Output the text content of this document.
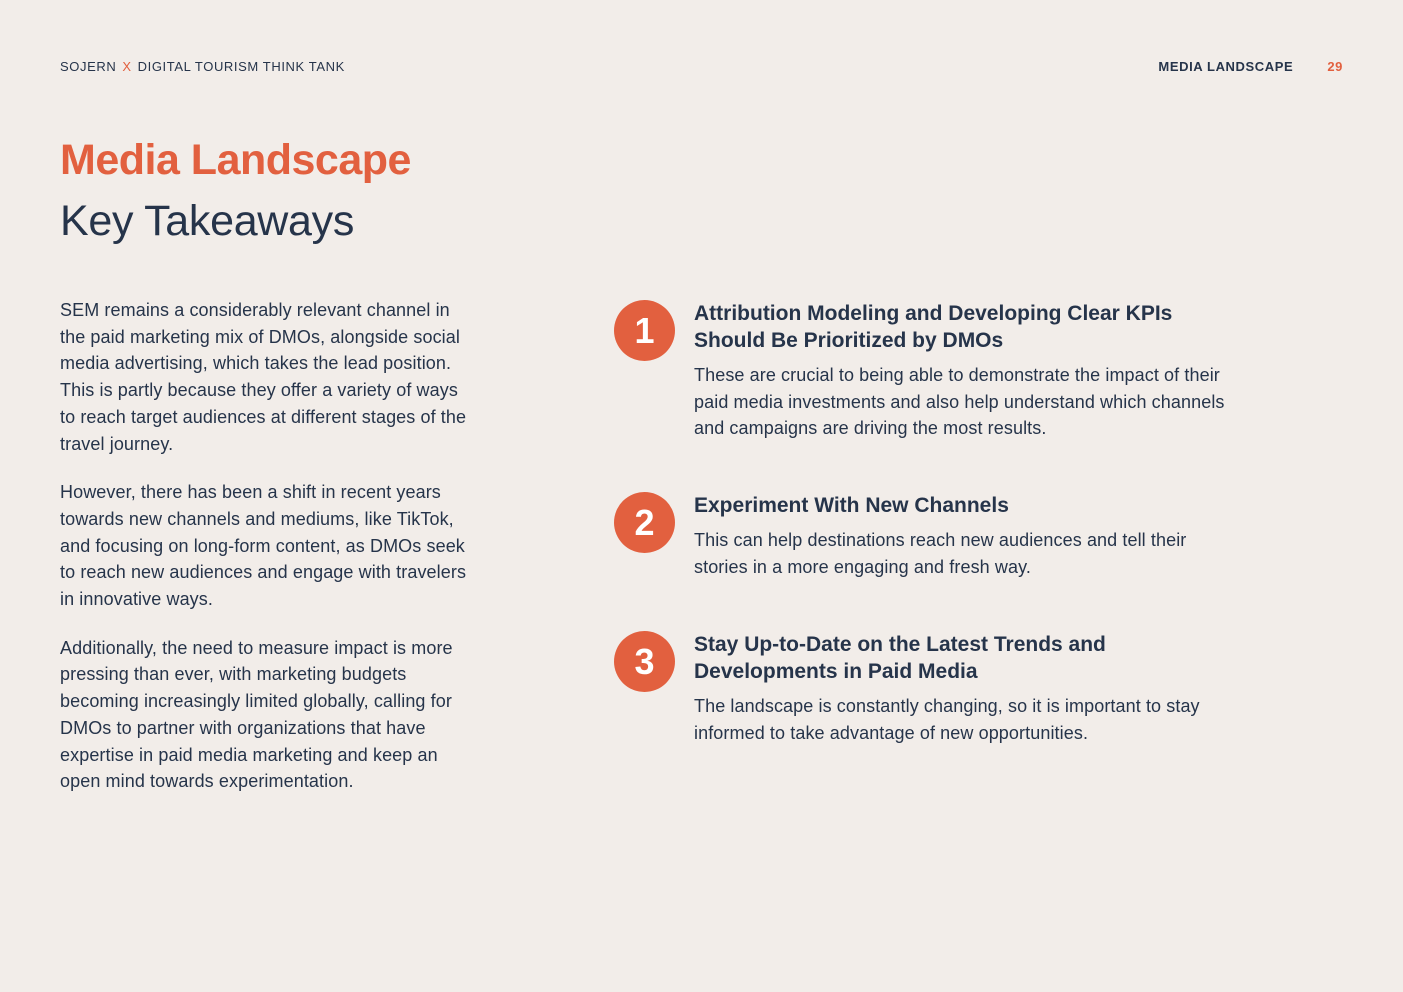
SOJERN X DIGITAL TOURISM THINK TANK	MEDIA LANDSCAPE	29
Media Landscape
Key Takeaways

SEM remains a considerably relevant channel in the paid marketing mix of DMOs, alongside social media advertising, which takes the lead position. This is partly because they offer a variety of ways to reach target audiences at different stages of the travel journey.

However, there has been a shift in recent years towards new channels and mediums, like TikTok, and focusing on long-form content, as DMOs seek to reach new audiences and engage with travelers in innovative ways.

Additionally, the need to measure impact is more pressing than ever, with marketing budgets becoming increasingly limited globally, calling for DMOs to partner with organizations that have expertise in paid media marketing and keep an open mind towards experimentation.

1	Attribution Modeling and Developing Clear KPIs Should Be Prioritized by DMOs

These are crucial to being able to demonstrate the impact of their paid media investments and also help understand which channels and campaigns are driving the most results.

2	Experiment With New Channels

This can help destinations reach new audiences and tell their stories in a more engaging and fresh way.

3	Stay Up-to-Date on the Latest Trends and Developments in Paid Media

The landscape is constantly changing, so it is important to stay informed to take advantage of new opportunities.
